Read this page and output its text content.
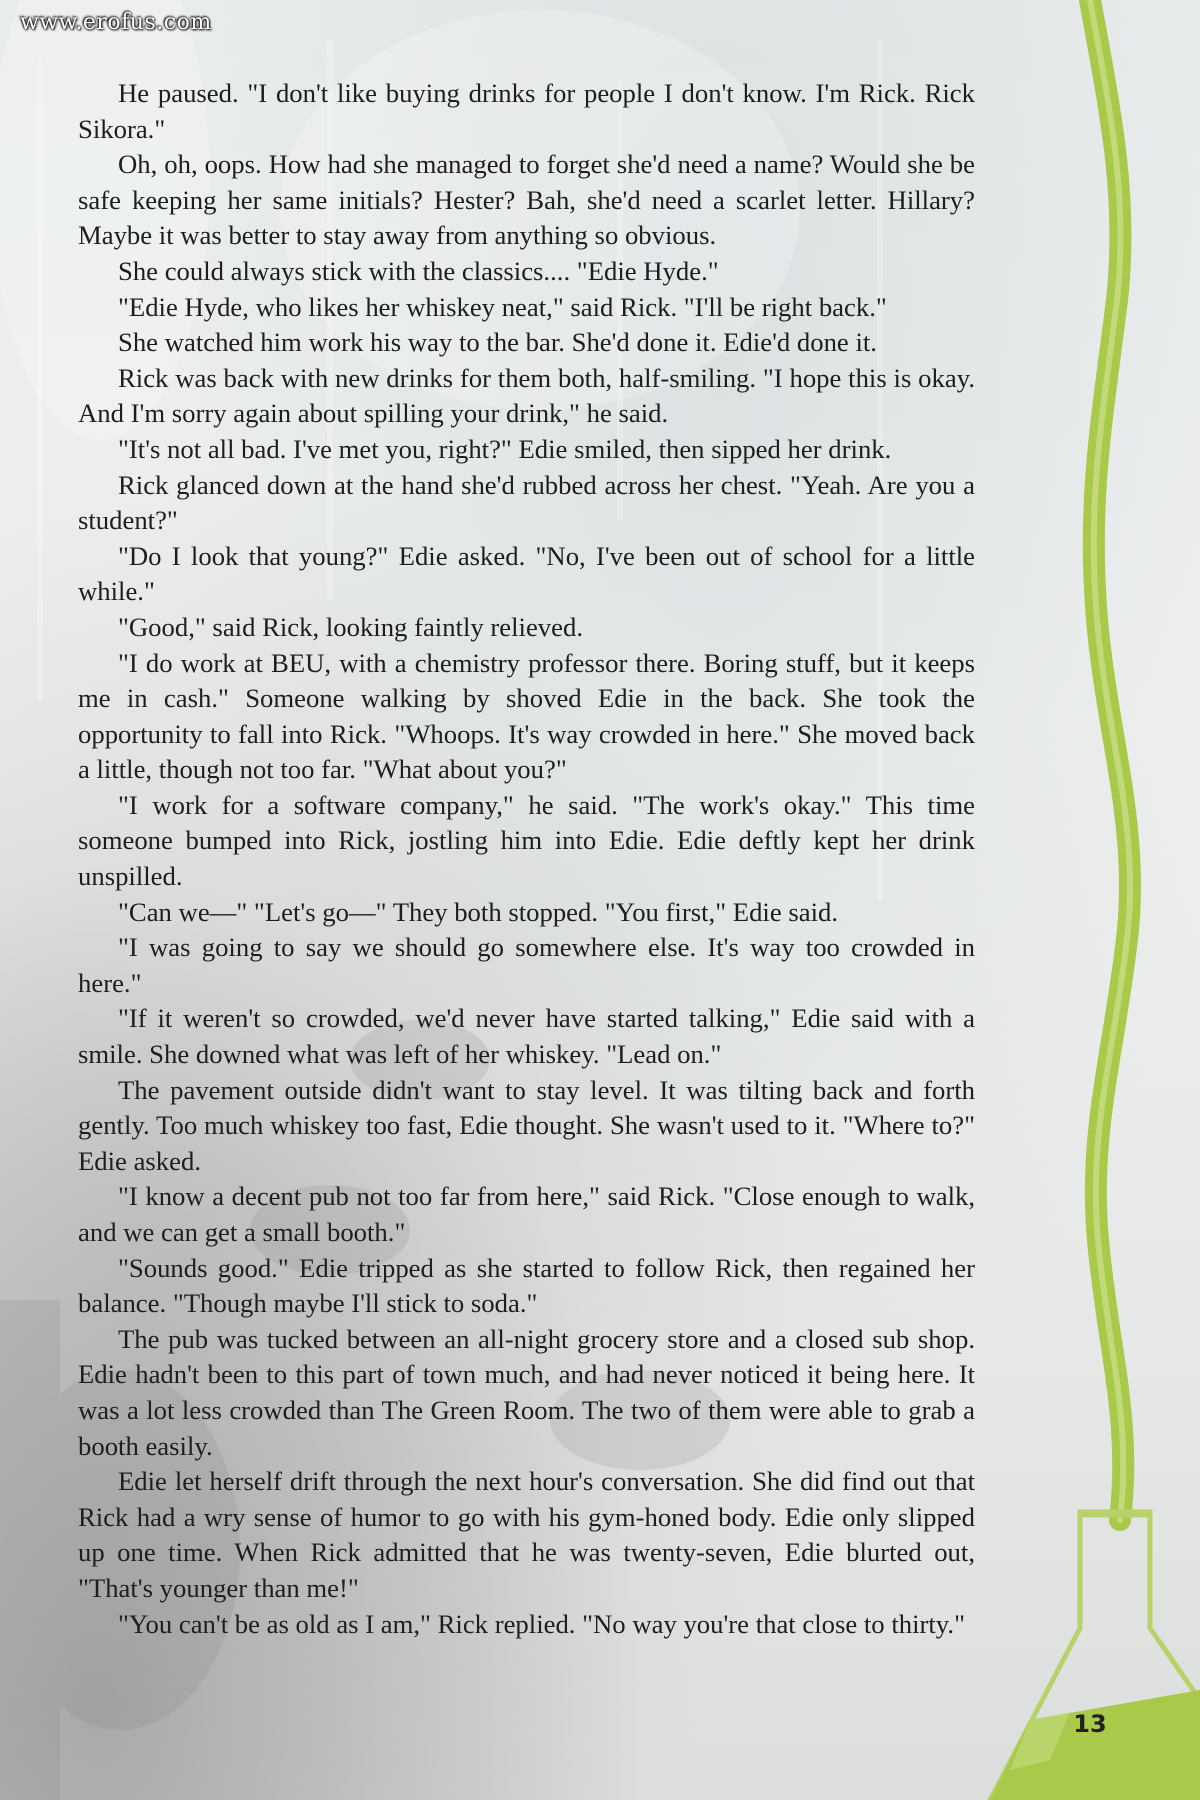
www.erofus.com

He paused. "I don't like buying drinks for people I don't know. I'm Rick. Rick Sikora."

Oh, oh, oops. How had she managed to forget she'd need a name? Would she be safe keeping her same initials? Hester? Bah, she'd need a scarlet letter. Hillary? Maybe it was better to stay away from anything so obvious.

She could always stick with the classics.... "Edie Hyde."

"Edie Hyde, who likes her whiskey neat," said Rick. "I'll be right back."

She watched him work his way to the bar. She'd done it. Edie'd done it.

Rick was back with new drinks for them both, half-smiling. "I hope this is okay. And I'm sorry again about spilling your drink," he said.

"It's not all bad. I've met you, right?" Edie smiled, then sipped her drink.

Rick glanced down at the hand she'd rubbed across her chest. "Yeah. Are you a student?"

"Do I look that young?" Edie asked. "No, I've been out of school for a little while."

"Good," said Rick, looking faintly relieved.

"I do work at BEU, with a chemistry professor there. Boring stuff, but it keeps me in cash." Someone walking by shoved Edie in the back. She took the opportunity to fall into Rick. "Whoops. It's way crowded in here." She moved back a little, though not too far. "What about you?"

"I work for a software company," he said. "The work's okay." This time someone bumped into Rick, jostling him into Edie. Edie deftly kept her drink unspilled.

"Can we—" "Let's go—" They both stopped. "You first," Edie said.

"I was going to say we should go somewhere else. It's way too crowded in here."

"If it weren't so crowded, we'd never have started talking," Edie said with a smile. She downed what was left of her whiskey. "Lead on."

The pavement outside didn't want to stay level. It was tilting back and forth gently. Too much whiskey too fast, Edie thought. She wasn't used to it. "Where to?" Edie asked.

"I know a decent pub not too far from here," said Rick. "Close enough to walk, and we can get a small booth."

"Sounds good." Edie tripped as she started to follow Rick, then regained her balance. "Though maybe I'll stick to soda."

The pub was tucked between an all-night grocery store and a closed sub shop. Edie hadn't been to this part of town much, and had never noticed it being here. It was a lot less crowded than The Green Room. The two of them were able to grab a booth easily.

Edie let herself drift through the next hour's conversation. She did find out that Rick had a wry sense of humor to go with his gym-honed body. Edie only slipped up one time. When Rick admitted that he was twenty-seven, Edie blurted out, "That's younger than me!"

"You can't be as old as I am," Rick replied. "No way you're that close to thirty."

13
